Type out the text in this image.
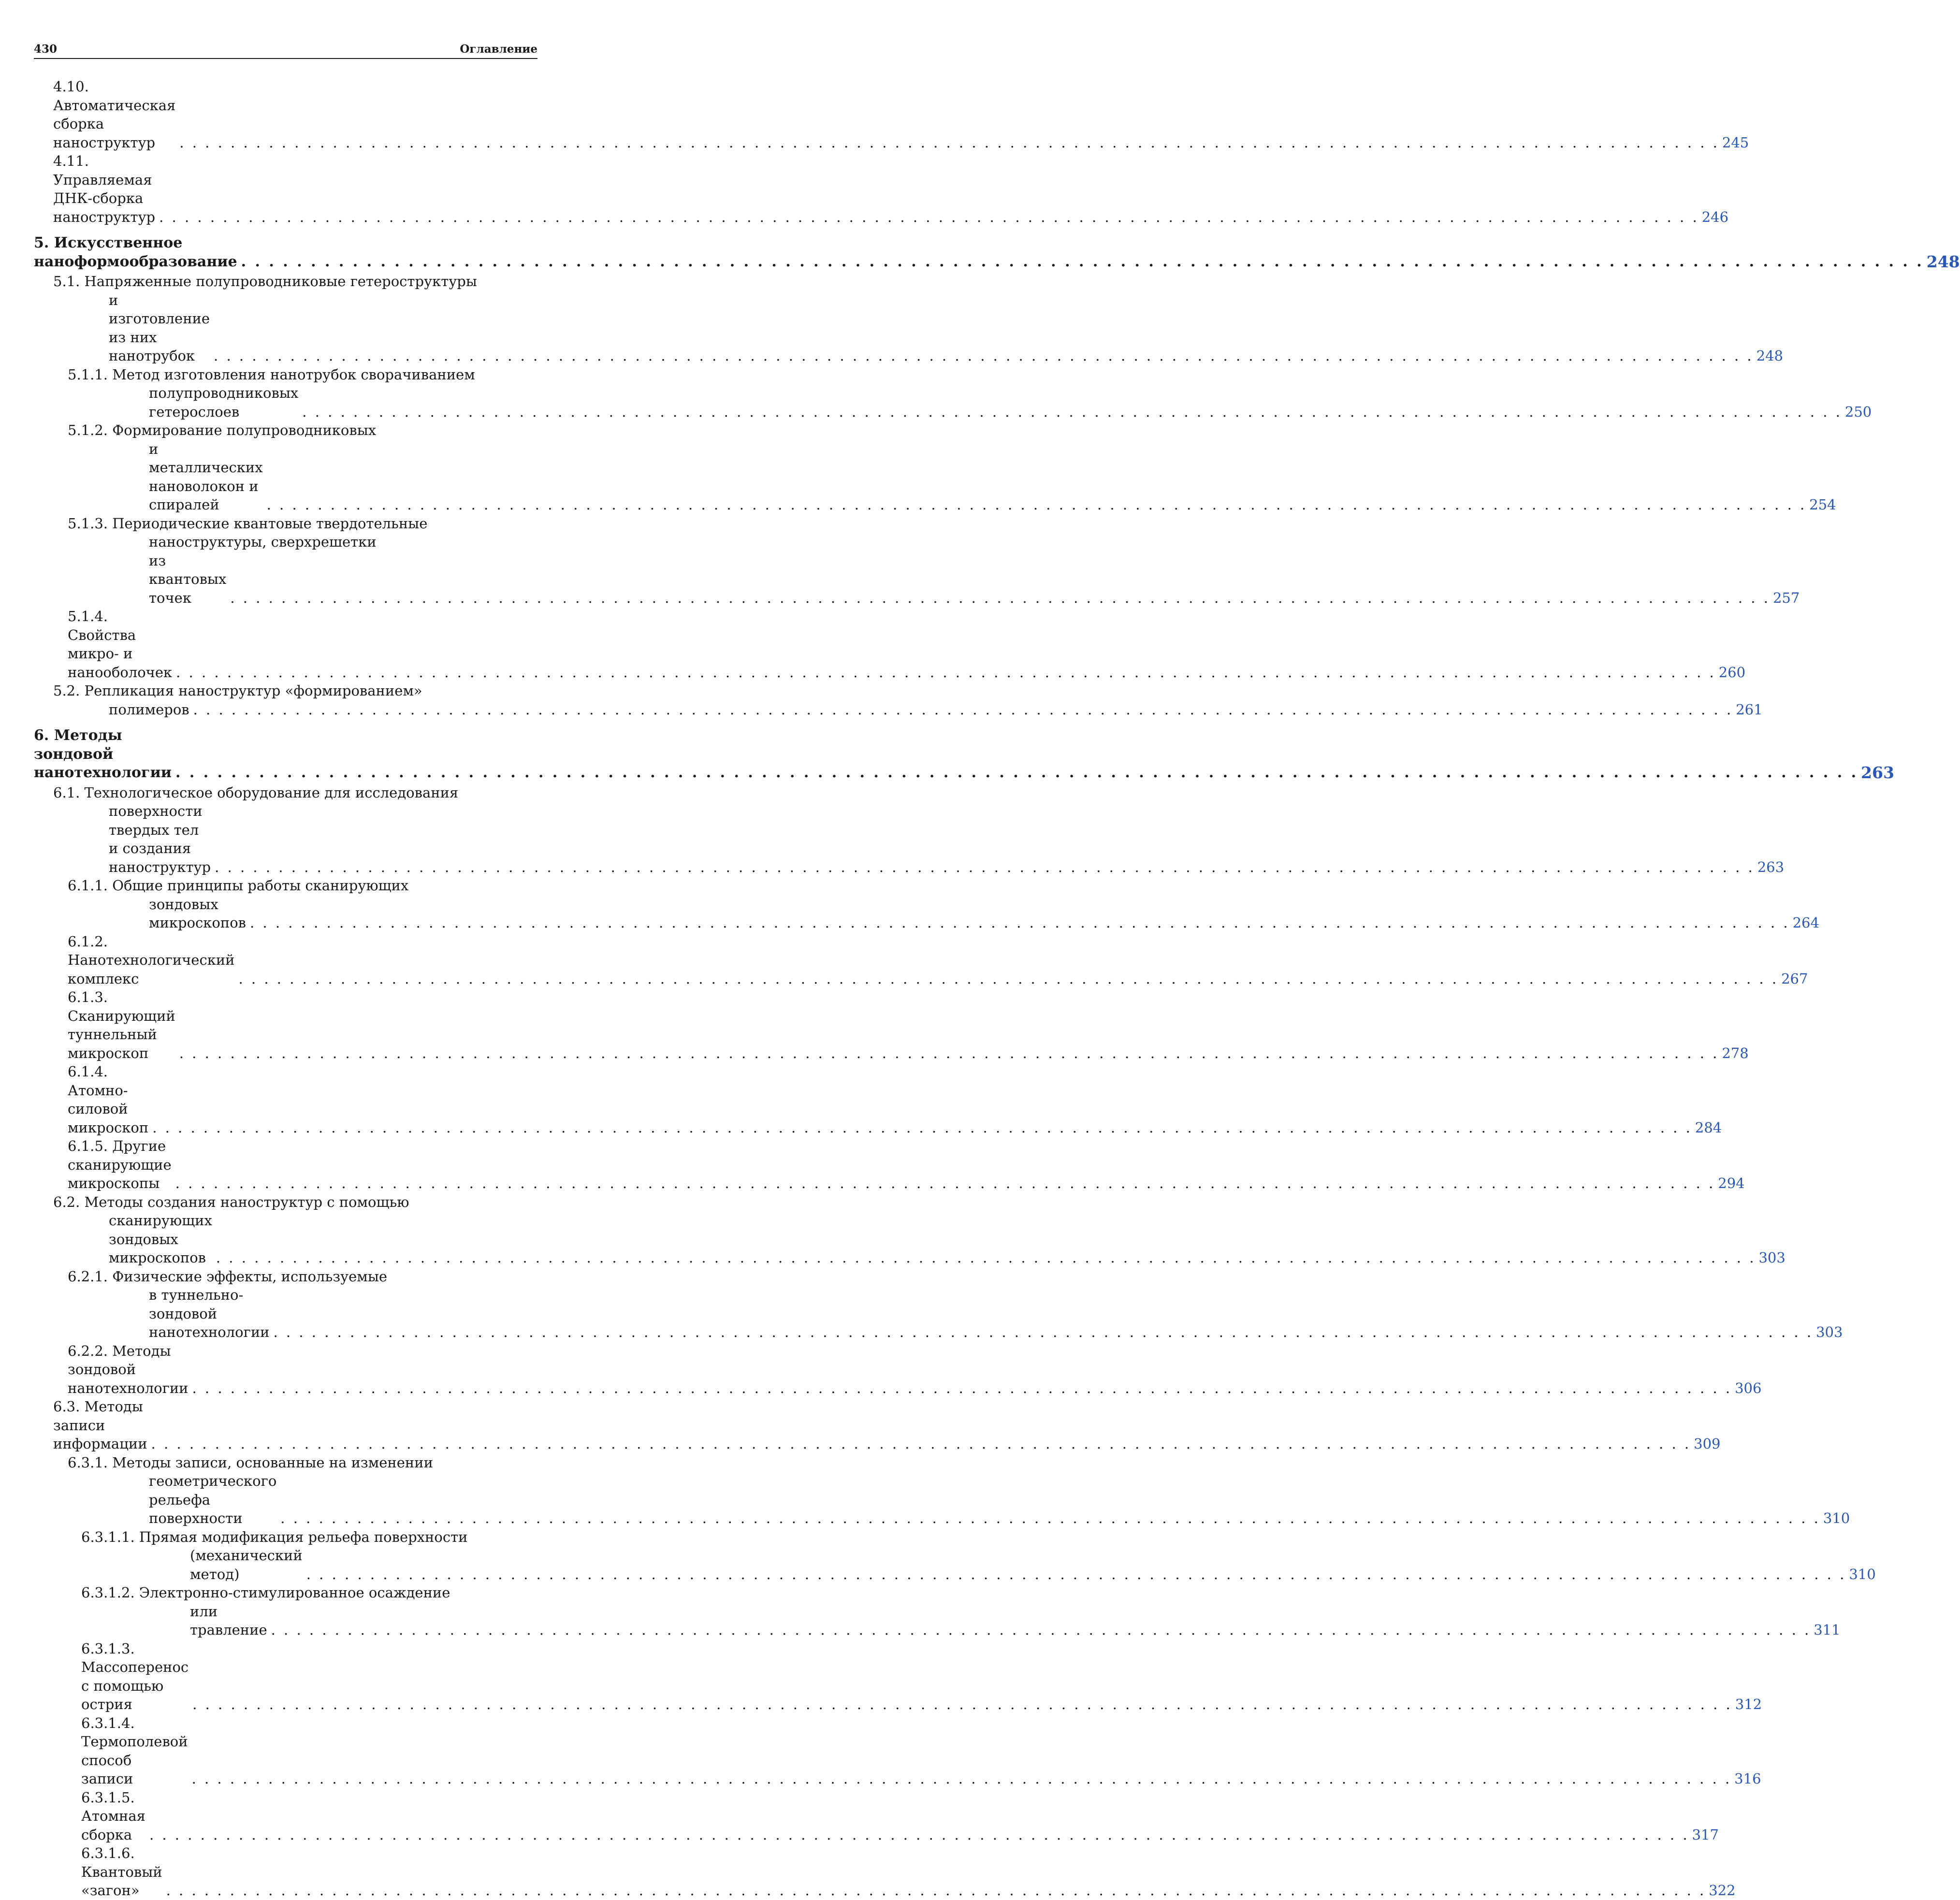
430	Оглавление
4.10. Автоматическая сборка наноструктур . . .	245
4.11. Управляемая ДНК-сборка наноструктур . . .	246
5. Искусственное наноформообразование . . .	248
5.1. Напряженные полупроводниковые гетероструктуры
и изготовление из них нанотрубок . . .	248
5.1.1. Метод изготовления нанотрубок сворачиванием
полупроводниковых гетерослоев . . .	250
5.1.2. Формирование полупроводниковых
и металлических нановолокон и спиралей . . .	254
5.1.3. Периодические квантовые твердотельные
наноструктуры, сверхрешетки
из квантовых точек . . .	257
5.1.4. Свойства микро- и нанооболочек . . .	260
5.2. Репликация наноструктур «формированием»
полимеров . . .	261
6. Методы зондовой нанотехнологии . . .	263
6.1. Технологическое оборудование для исследования
поверхности твердых тел и создания наноструктур . . .	263
6.1.1. Общие принципы работы сканирующих
зондовых микроскопов . . .	264
6.1.2. Нанотехнологический комплекс . . .	267
6.1.3. Сканирующий туннельный микроскоп . . .	278
6.1.4. Атомно-силовой микроскоп . . .	284
6.1.5. Другие сканирующие микроскопы . . .	294
6.2. Методы создания наноструктур с помощью
сканирующих зондовых микроскопов . . .	303
6.2.1. Физические эффекты, используемые
в туннельно-зондовой нанотехнологии . . .	303
6.2.2. Методы зондовой нанотехнологии . . .	306
6.3. Методы записи информации . . .	309
6.3.1. Методы записи, основанные на изменении
геометрического рельефа поверхности . . .	310
6.3.1.1. Прямая модификация рельефа поверхности
(механический метод) . . .	310
6.3.1.2. Электронно-стимулированное осаждение
или травление . . .	311
6.3.1.3. Массоперенос с помощью острия . . .	312
6.3.1.4. Термополевой способ записи . . .	316
6.3.1.5. Атомная сборка . . .	317
6.3.1.6. Квантовый «загон» . . .	322
